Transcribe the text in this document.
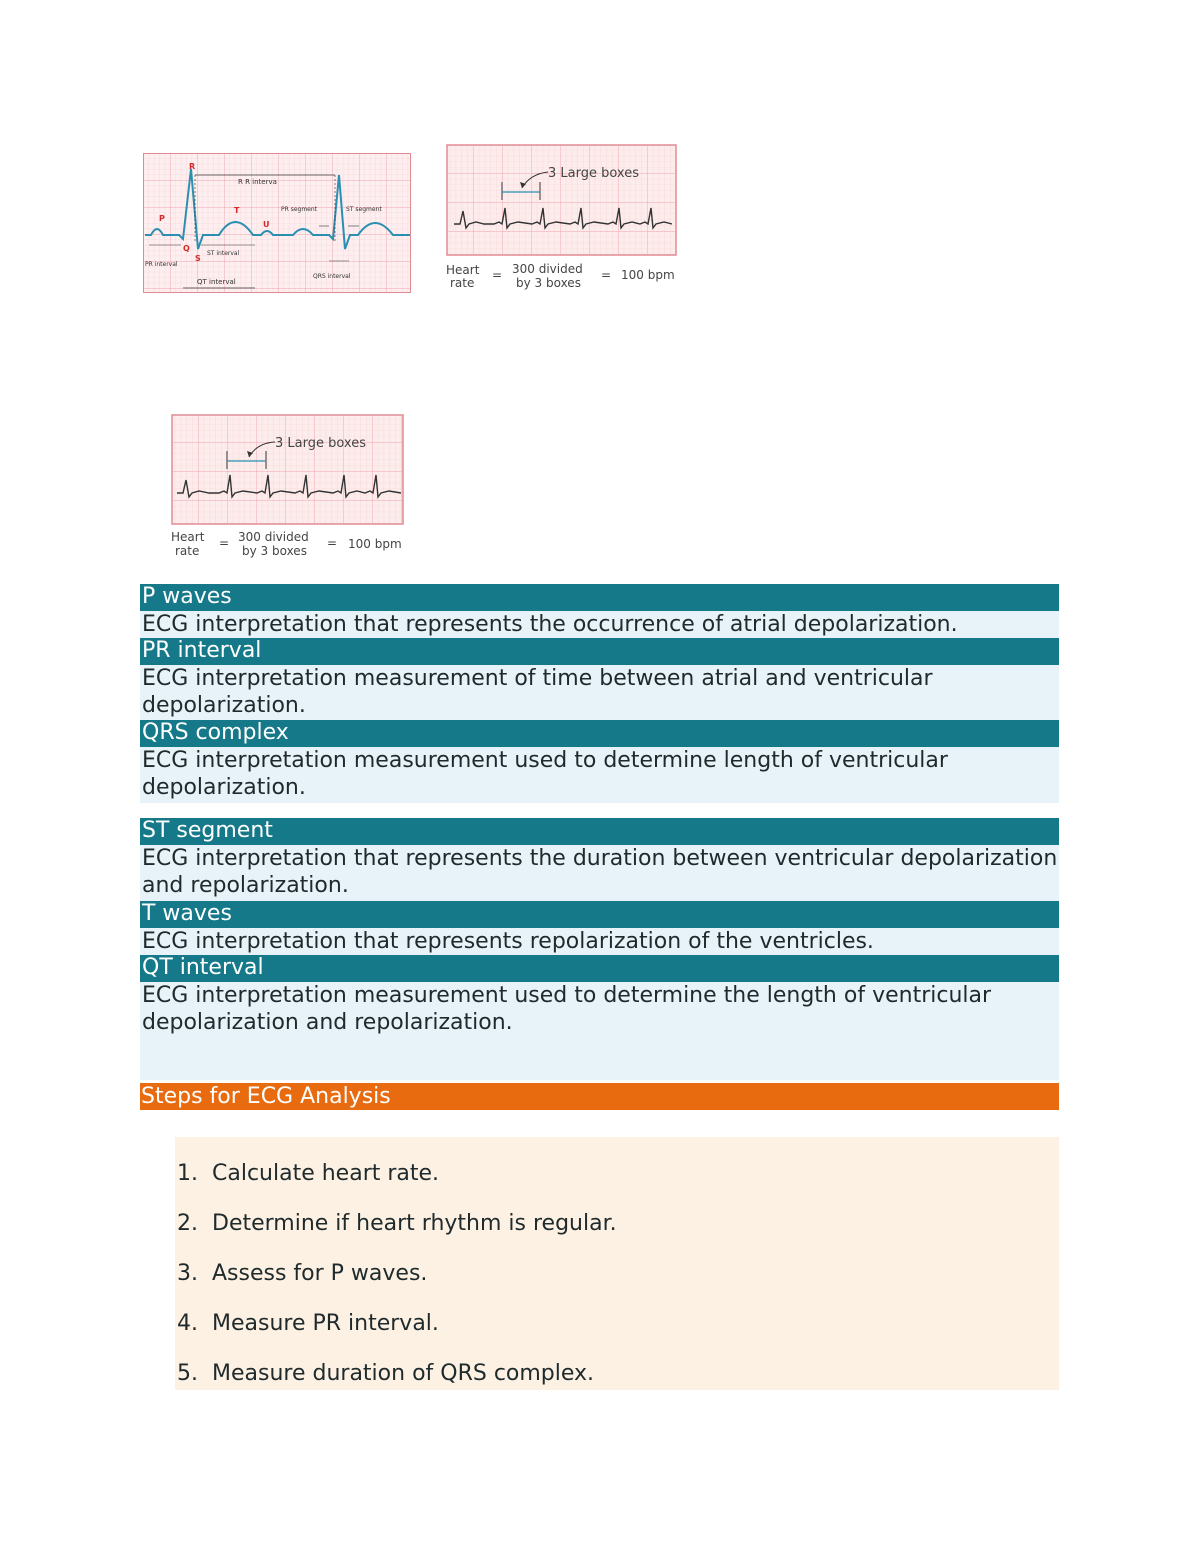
R
P
Q
S
T
U
R R interva
PR segment	ST segment
ST interval
PR interval
QRS interval
QT interval
3 Large boxes
Heart
rate
= 300 divided
by 3 boxes
= 100 bpm
3 Large boxes
Heart
rate
= 300 divided
by 3 boxes
= 100 bpm
P waves
ECG interpretation that represents the occurrence of atrial depolarization.
PR interval
ECG interpretation measurement of time between atrial and ventricular depolarization.
QRS complex
ECG interpretation measurement used to determine length of ventricular depolarization.
ST segment
ECG interpretation that represents the duration between ventricular depolarization and repolarization.
T waves
ECG interpretation that represents repolarization of the ventricles.
QT interval
ECG interpretation measurement used to determine the length of ventricular depolarization and repolarization.
Steps for ECG Analysis
1. Calculate heart rate.
2. Determine if heart rhythm is regular.
3. Assess for P waves.
4. Measure PR interval.
5. Measure duration of QRS complex.
